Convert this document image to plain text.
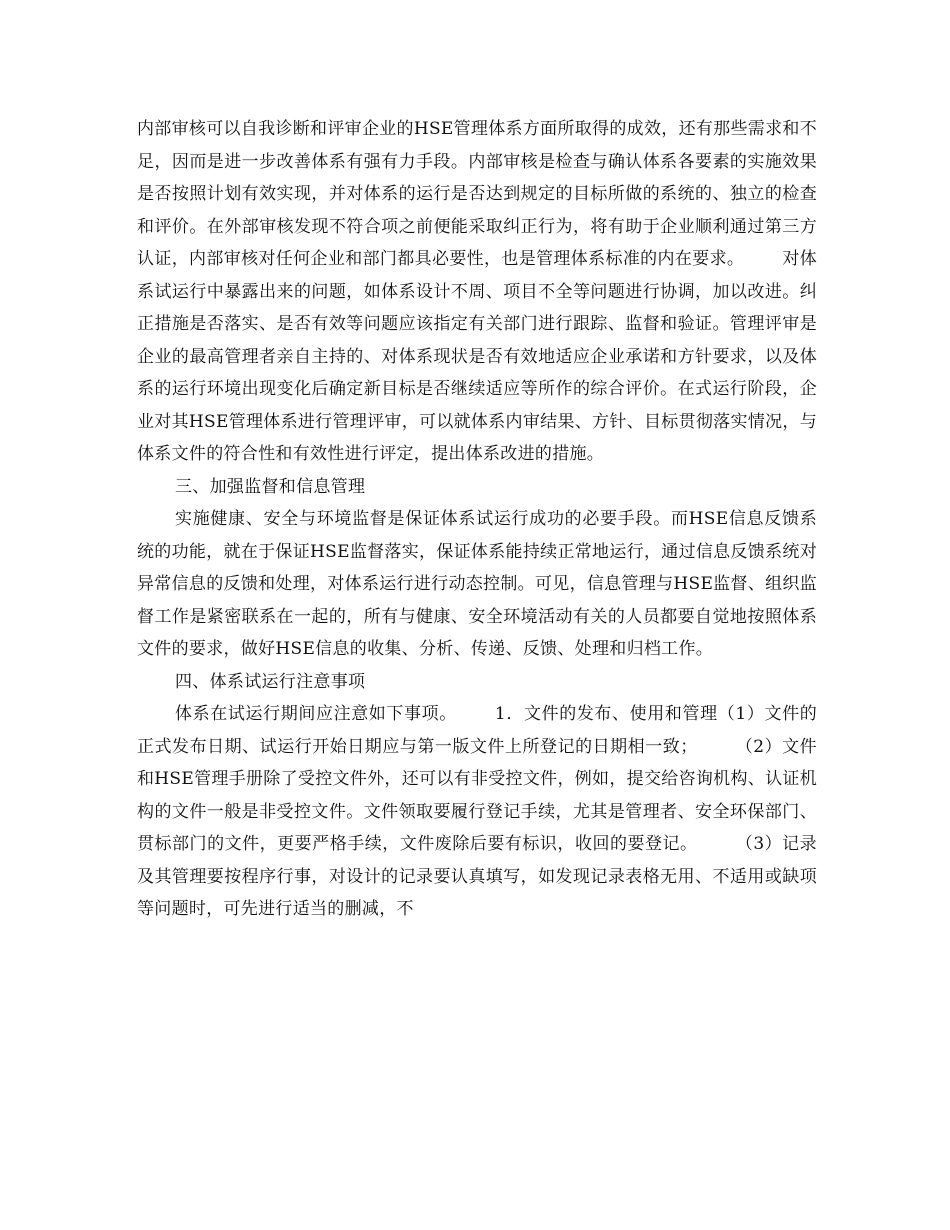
内部审核可以自我诊断和评审企业的HSE管理体系方面所取得的成效，还有那些需求和不足，因而是进一步改善体系有强有力手段。内部审核是检查与确认体系各要素的实施效果是否按照计划有效实现，并对体系的运行是否达到规定的目标所做的系统的、独立的检查和评价。在外部审核发现不符合项之前便能采取纠正行为，将有助于企业顺利通过第三方认证，内部审核对任何企业和部门都具必要性，也是管理体系标准的内在要求。 对体系试运行中暴露出来的问题，如体系设计不周、项目不全等问题进行协调，加以改进。纠正措施是否落实、是否有效等问题应该指定有关部门进行跟踪、监督和验证。管理评审是企业的最高管理者亲自主持的、对体系现状是否有效地适应企业承诺和方针要求，以及体系的运行环境出现变化后确定新目标是否继续适应等所作的综合评价。在式运行阶段，企业对其HSE管理体系进行管理评审，可以就体系内审结果、方针、目标贯彻落实情况，与体系文件的符合性和有效性进行评定，提出体系改进的措施。

三、加强监督和信息管理

实施健康、安全与环境监督是保证体系试运行成功的必要手段。而HSE信息反馈系统的功能，就在于保证HSE监督落实，保证体系能持续正常地运行，通过信息反馈系统对异常信息的反馈和处理，对体系运行进行动态控制。可见，信息管理与HSE监督、组织监督工作是紧密联系在一起的，所有与健康、安全环境活动有关的人员都要自觉地按照体系文件的要求，做好HSE信息的收集、分析、传递、反馈、处理和归档工作。

四、体系试运行注意事项

体系在试运行期间应注意如下事项。 1．文件的发布、使用和管理（1）文件的正式发布日期、试运行开始日期应与第一版文件上所登记的日期相一致； （2）文件和HSE管理手册除了受控文件外，还可以有非受控文件，例如，提交给咨询机构、认证机构的文件一般是非受控文件。文件领取要履行登记手续，尤其是管理者、安全环保部门、贯标部门的文件，更要严格手续，文件废除后要有标识，收回的要登记。 （3）记录及其管理要按程序行事，对设计的记录要认真填写，如发现记录表格无用、不适用或缺项等问题时，可先进行适当的删减，不
